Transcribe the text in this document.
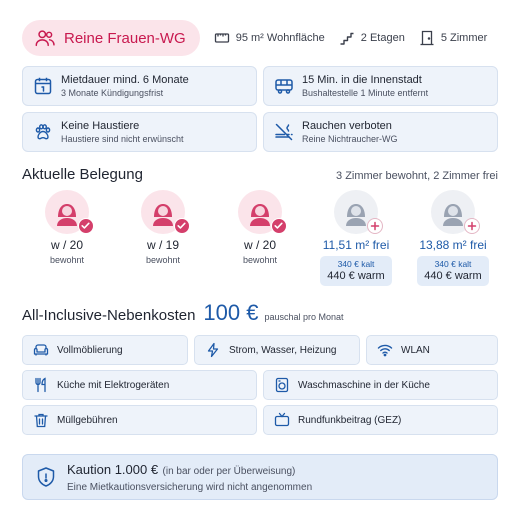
Reine Frauen-WG	95 m² Wohnfläche	2 Etagen	5 Zimmer
Mietdauer mind. 6 Monate
3 Monate Kündigungsfrist
15 Min. in die Innenstadt
Bushaltestelle 1 Minute entfernt
Keine Haustiere
Haustiere sind nicht erwünscht
Rauchen verboten
Reine Nichtraucher-WG
Aktuelle Belegung	3 Zimmer bewohnt, 2 Zimmer frei
w / 20
bewohnt
w / 19
bewohnt
w / 20
bewohnt
11,51 m² frei
340 € kalt
440 € warm
13,88 m² frei
340 € kalt
440 € warm
All-Inclusive-Nebenkosten 100 € pauschal pro Monat
Vollmöblierung	Strom, Wasser, Heizung	WLAN
Küche mit Elektrogeräten	Waschmaschine in der Küche
Müllgebühren	Rundfunkbeitrag (GEZ)
Kaution 1.000 € (in bar oder per Überweisung)
Eine Mietkautionsversicherung wird nicht angenommen
